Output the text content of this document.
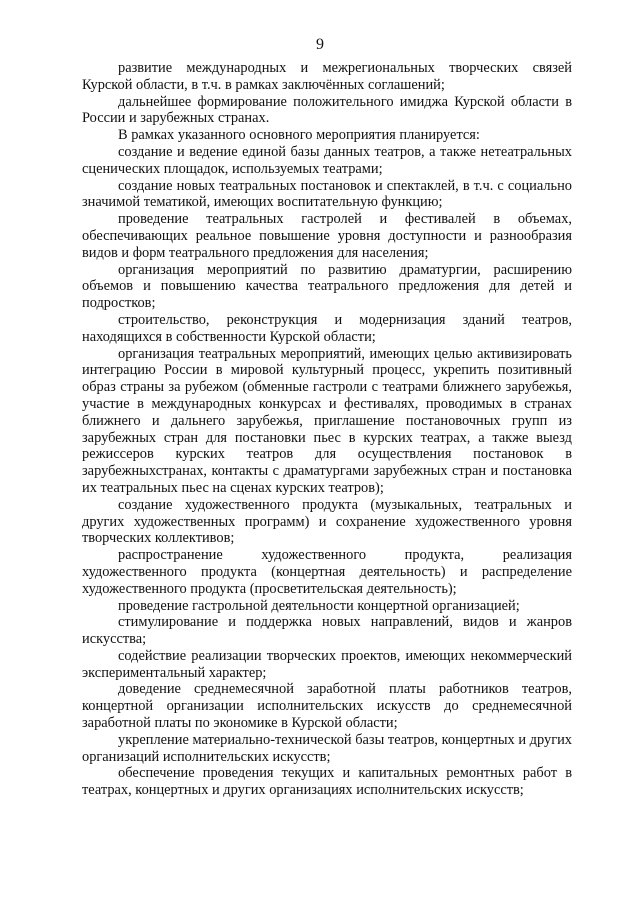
9

развитие международных и межрегиональных творческих связей Курской области, в т.ч. в рамках заключённых соглашений;

дальнейшее формирование положительного имиджа Курской области в России и зарубежных странах.

В рамках указанного основного мероприятия планируется:

создание и ведение единой базы данных театров, а также нетеатральных сценических площадок, используемых театрами;

создание новых театральных постановок и спектаклей, в т.ч. с социально значимой тематикой, имеющих воспитательную функцию;

проведение театральных гастролей и фестивалей в объемах, обеспечивающих реальное повышение уровня доступности и разнообразия видов и форм театрального предложения для населения;

организация мероприятий по развитию драматургии, расширению объемов и повышению качества театрального предложения для детей и подростков;

строительство, реконструкция и модернизация зданий театров, находящихся в собственности Курской области;

организация театральных мероприятий, имеющих целью активизировать интеграцию России в мировой культурный процесс, укрепить позитивный образ страны за рубежом (обменные гастроли с театрами ближнего зарубежья, участие в международных конкурсах и фестивалях, проводимых в странах ближнего и дальнего зарубежья, приглашение постановочных групп из зарубежных стран для постановки пьес в курских театрах, а также выезд режиссеров курских театров для осуществления постановок в зарубежныхстранах, контакты с драматургами зарубежных стран и постановка их театральных пьес на сценах курских театров);

создание художественного продукта (музыкальных, театральных и других художественных программ) и сохранение художественного уровня творческих коллективов;

распространение художественного продукта, реализация художественного продукта (концертная деятельность) и распределение художественного продукта (просветительская деятельность);

проведение гастрольной деятельности концертной организацией;

стимулирование и поддержка новых направлений, видов и жанров искусства;

содействие реализации творческих проектов, имеющих некоммерческий экспериментальный характер;

доведение среднемесячной заработной платы работников театров, концертной организации исполнительских искусств до среднемесячной заработной платы по экономике в Курской области;

укрепление материально-технической базы театров, концертных и других организаций исполнительских искусств;

обеспечение проведения текущих и капитальных ремонтных работ в театрах, концертных и других организациях исполнительских искусств;
